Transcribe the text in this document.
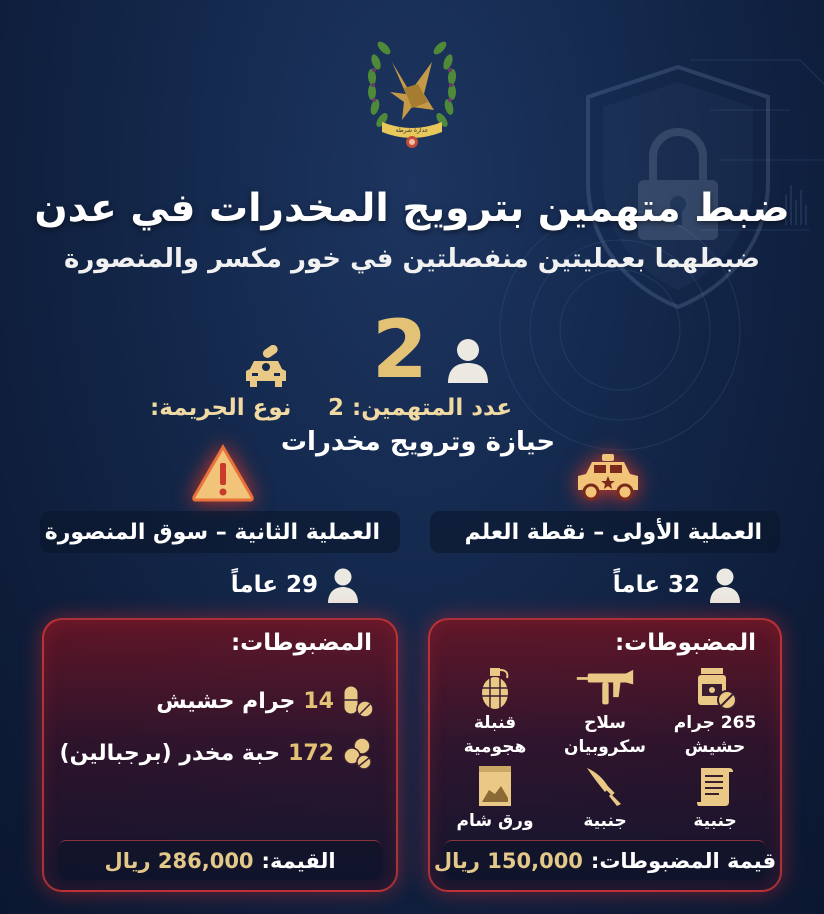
عدارة شرطة
ضبط متهمين بترويج المخدرات في عدن
ضبطهما بعمليتين منفصلتين في خور مكسر والمنصورة
2
عدد المتهمين: 2
نوع الجريمة:
حيازة وترويج مخدرات
العملية الأولى – نقطة العلم
العملية الثانية – سوق المنصورة
32 عاماً
29 عاماً
المضبوطات:
265 جرام
حشيش
سلاح
سكروبيان
قنبلة
هجومية
جنبية
جنبية
ورق شام
قيمة المضبوطات:
150,000 ريال
المضبوطات:
14
جرام حشيش
172
حبة مخدر (برجبالين)
القيمة:
286,000 ريال
